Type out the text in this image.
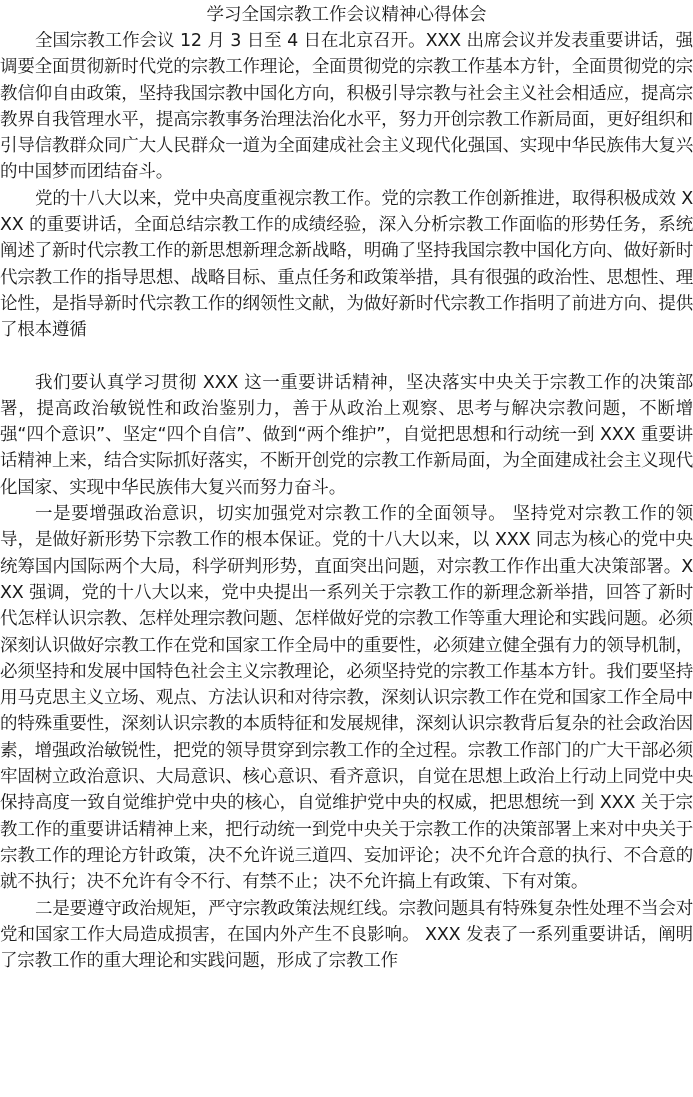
学习全国宗教工作会议精神心得体会

全国宗教工作会议 12 月 3 日至 4 日在北京召开。XXX 出席会议并发表重要讲话，强调要全面贯彻新时代党的宗教工作理论，全面贯彻党的宗教工作基本方针，全面贯彻党的宗教信仰自由政策，坚持我国宗教中国化方向，积极引导宗教与社会主义社会相适应，提高宗教界自我管理水平，提高宗教事务治理法治化水平，努力开创宗教工作新局面，更好组织和引导信教群众同广大人民群众一道为全面建成社会主义现代化强国、实现中华民族伟大复兴的中国梦而团结奋斗。

党的十八大以来，党中央高度重视宗教工作。党的宗教工作创新推进，取得积极成效 XXX 的重要讲话，全面总结宗教工作的成绩经验，深入分析宗教工作面临的形势任务，系统阐述了新时代宗教工作的新思想新理念新战略，明确了坚持我国宗教中国化方向、做好新时代宗教工作的指导思想、战略目标、重点任务和政策举措，具有很强的政治性、思想性、理论性，是指导新时代宗教工作的纲领性文献，为做好新时代宗教工作指明了前进方向、提供了根本遵循

我们要认真学习贯彻 XXX 这一重要讲话精神，坚决落实中央关于宗教工作的决策部署，提高政治敏锐性和政治鉴别力，善于从政治上观察、思考与解决宗教问题，不断增强“四个意识”、坚定“四个自信”、做到“两个维护”，自觉把思想和行动统一到 XXX 重要讲话精神上来，结合实际抓好落实，不断开创党的宗教工作新局面，为全面建成社会主义现代化国家、实现中华民族伟大复兴而努力奋斗。

一是要增强政治意识，切实加强党对宗教工作的全面领导。 坚持党对宗教工作的领导，是做好新形势下宗教工作的根本保证。党的十八大以来，以 XXX 同志为核心的党中央统筹国内国际两个大局，科学研判形势，直面突出问题，对宗教工作作出重大决策部署。XXX 强调，党的十八大以来，党中央提出一系列关于宗教工作的新理念新举措，回答了新时代怎样认识宗教、怎样处理宗教问题、怎样做好党的宗教工作等重大理论和实践问题。必须深刻认识做好宗教工作在党和国家工作全局中的重要性，必须建立健全强有力的领导机制，必须坚持和发展中国特色社会主义宗教理论，必须坚持党的宗教工作基本方针。我们要坚持用马克思主义立场、观点、方法认识和对待宗教，深刻认识宗教工作在党和国家工作全局中的特殊重要性，深刻认识宗教的本质特征和发展规律，深刻认识宗教背后复杂的社会政治因素，增强政治敏锐性，把党的领导贯穿到宗教工作的全过程。宗教工作部门的广大干部必须牢固树立政治意识、大局意识、核心意识、看齐意识，自觉在思想上政治上行动上同党中央保持高度一致自觉维护党中央的核心，自觉维护党中央的权威，把思想统一到 XXX 关于宗教工作的重要讲话精神上来，把行动统一到党中央关于宗教工作的决策部署上来对中央关于宗教工作的理论方针政策，决不允许说三道四、妄加评论；决不允许合意的执行、不合意的就不执行；决不允许有令不行、有禁不止；决不允许搞上有政策、下有对策。

二是要遵守政治规矩，严守宗教政策法规红线。宗教问题具有特殊复杂性处理不当会对党和国家工作大局造成损害，在国内外产生不良影响。 XXX 发表了一系列重要讲话，阐明了宗教工作的重大理论和实践问题，形成了宗教工作
